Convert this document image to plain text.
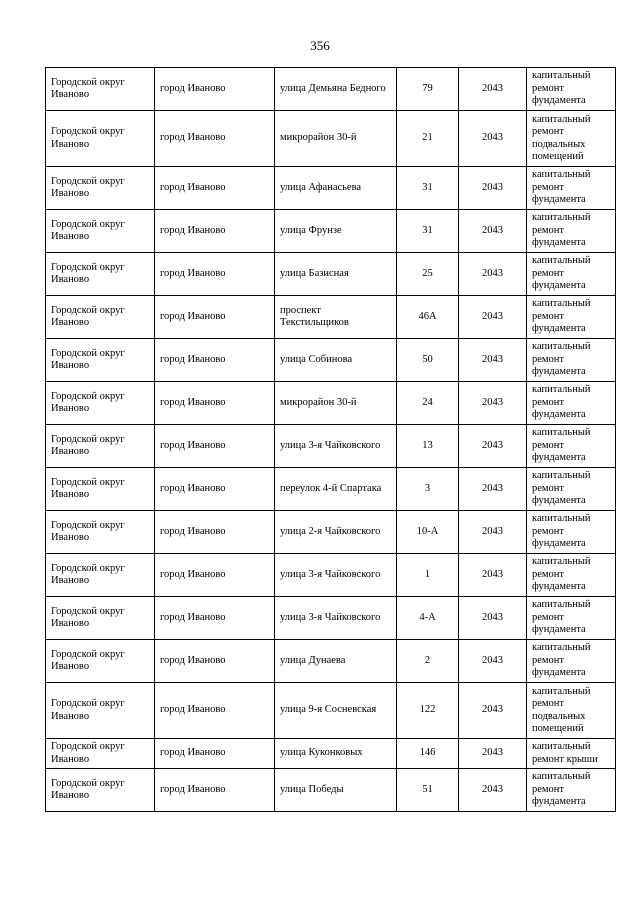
356
Городской округ Иваново	город Иваново	улица Демьяна Бедного	79	2043	капитальный ремонт фундамента
Городской округ Иваново	город Иваново	микрорайон 30-й	21	2043	капитальный ремонт подвальных помещений
Городской округ Иваново	город Иваново	улица Афанасьева	31	2043	капитальный ремонт фундамента
Городской округ Иваново	город Иваново	улица Фрунзе	31	2043	капитальный ремонт фундамента
Городской округ Иваново	город Иваново	улица Базисная	25	2043	капитальный ремонт фундамента
Городской округ Иваново	город Иваново	проспект Текстильщиков	46А	2043	капитальный ремонт фундамента
Городской округ Иваново	город Иваново	улица Собинова	50	2043	капитальный ремонт фундамента
Городской округ Иваново	город Иваново	микрорайон 30-й	24	2043	капитальный ремонт фундамента
Городской округ Иваново	город Иваново	улица 3-я Чайковского	13	2043	капитальный ремонт фундамента
Городской округ Иваново	город Иваново	переулок 4-й Спартака	3	2043	капитальный ремонт фундамента
Городской округ Иваново	город Иваново	улица 2-я Чайковского	10-А	2043	капитальный ремонт фундамента
Городской округ Иваново	город Иваново	улица 3-я Чайковского	1	2043	капитальный ремонт фундамента
Городской округ Иваново	город Иваново	улица 3-я Чайковского	4-А	2043	капитальный ремонт фундамента
Городской округ Иваново	город Иваново	улица Дунаева	2	2043	капитальный ремонт фундамента
Городской округ Иваново	город Иваново	улица 9-я Сосневская	122	2043	капитальный ремонт подвальных помещений
Городской округ Иваново	город Иваново	улица Куконковых	146	2043	капитальный ремонт крыши
Городской округ Иваново	город Иваново	улица Победы	51	2043	капитальный ремонт фундамента
